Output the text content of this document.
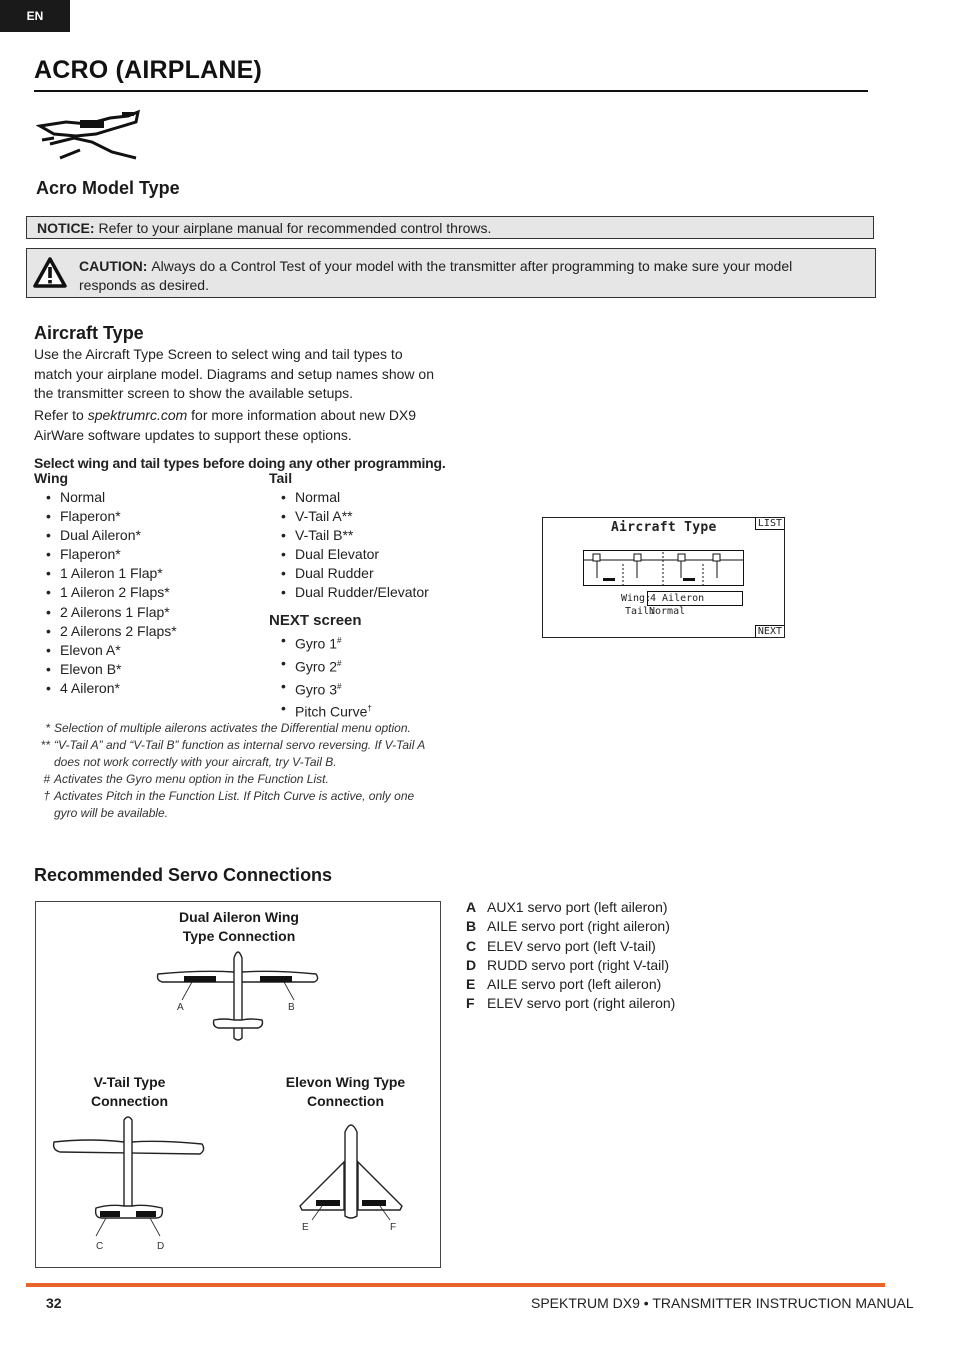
EN
ACRO (AIRPLANE)
Acro Model Type
NOTICE:
Refer to your airplane manual for recommended control throws.
CAUTION: Always do a Control Test of your model with the transmitter after programming to make sure your model responds as desired.
Aircraft Type
Use the Aircraft Type Screen to select wing and tail types to match your airplane model. Diagrams and setup names show on the transmitter screen to show the available setups.
Refer to spektrumrc.com for more information about new DX9 AirWare software updates to support these options.
Select wing and tail types before doing any other programming.
Wing
• Normal
• Flaperon*
• Dual Aileron*
• Flaperon*
• 1 Aileron 1 Flap*
• 1 Aileron 2 Flaps*
• 2 Ailerons 1 Flap*
• 2 Ailerons 2 Flaps*
• Elevon A*
• Elevon B*
• 4 Aileron*
Tail
• Normal
• V-Tail A**
• V-Tail B**
• Dual Elevator
• Dual Rudder
• Dual Rudder/Elevator
NEXT screen
• Gyro 1#
• Gyro 2#
• Gyro 3#
• Pitch Curve†
* Selection of multiple ailerons activates the Differential menu option.
** “V-Tail A” and “V-Tail B” function as internal servo reversing. If V-Tail A does not work correctly with your aircraft, try V-Tail B.
# Activates the Gyro menu option in the Function List.
† Activates Pitch in the Function List. If Pitch Curve is active, only one gyro will be available.
Aircraft Type	LIST
Wing:
4 Aileron
Tail:
Normal
NEXT
Recommended Servo Connections
Dual Aileron Wing
Type Connection
A	B
V-Tail Type
Connection
C	D
Elevon Wing Type
Connection
E	F
A AUX1 servo port (left aileron)
B AILE servo port (right aileron)
C ELEV servo port (left V-tail)
D RUDD servo port (right V-tail)
E AILE servo port (left aileron)
F ELEV servo port (right aileron)
32	SPEKTRUM DX9 • TRANSMITTER INSTRUCTION MANUAL
